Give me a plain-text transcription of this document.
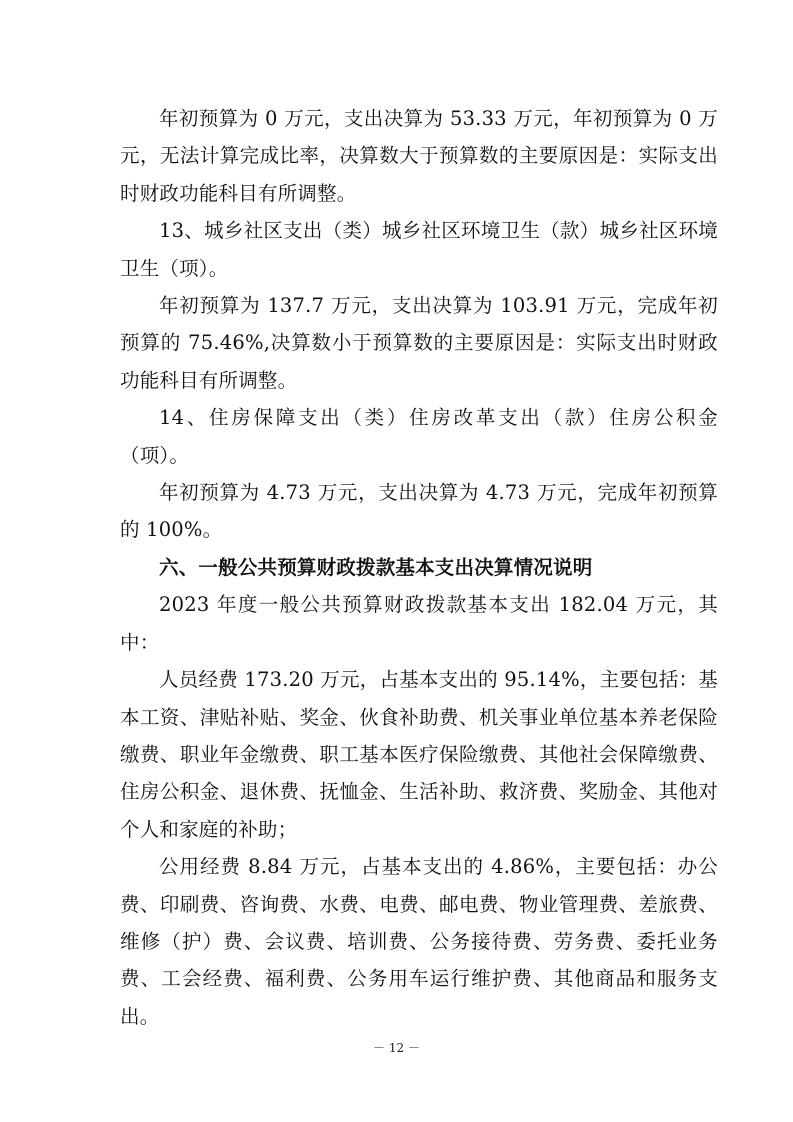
年初预算为 0 万元，支出决算为 53.33 万元，年初预算为 0 万元，无法计算完成比率，决算数大于预算数的主要原因是：实际支出时财政功能科目有所调整。

13、城乡社区支出（类）城乡社区环境卫生（款）城乡社区环境卫生（项）。

年初预算为 137.7 万元，支出决算为 103.91 万元，完成年初预算的 75.46%,决算数小于预算数的主要原因是：实际支出时财政功能科目有所调整。

14、住房保障支出（类）住房改革支出（款）住房公积金（项）。

年初预算为 4.73 万元，支出决算为 4.73 万元，完成年初预算的 100%。

六、一般公共预算财政拨款基本支出决算情况说明

2023 年度一般公共预算财政拨款基本支出 182.04 万元，其中：

人员经费 173.20 万元，占基本支出的 95.14%，主要包括：基本工资、津贴补贴、奖金、伙食补助费、机关事业单位基本养老保险缴费、职业年金缴费、职工基本医疗保险缴费、其他社会保障缴费、住房公积金、退休费、抚恤金、生活补助、救济费、奖励金、其他对个人和家庭的补助；

公用经费 8.84 万元，占基本支出的 4.86%，主要包括：办公费、印刷费、咨询费、水费、电费、邮电费、物业管理费、差旅费、维修（护）费、会议费、培训费、公务接待费、劳务费、委托业务费、工会经费、福利费、公务用车运行维护费、其他商品和服务支出。

－ 12 －
